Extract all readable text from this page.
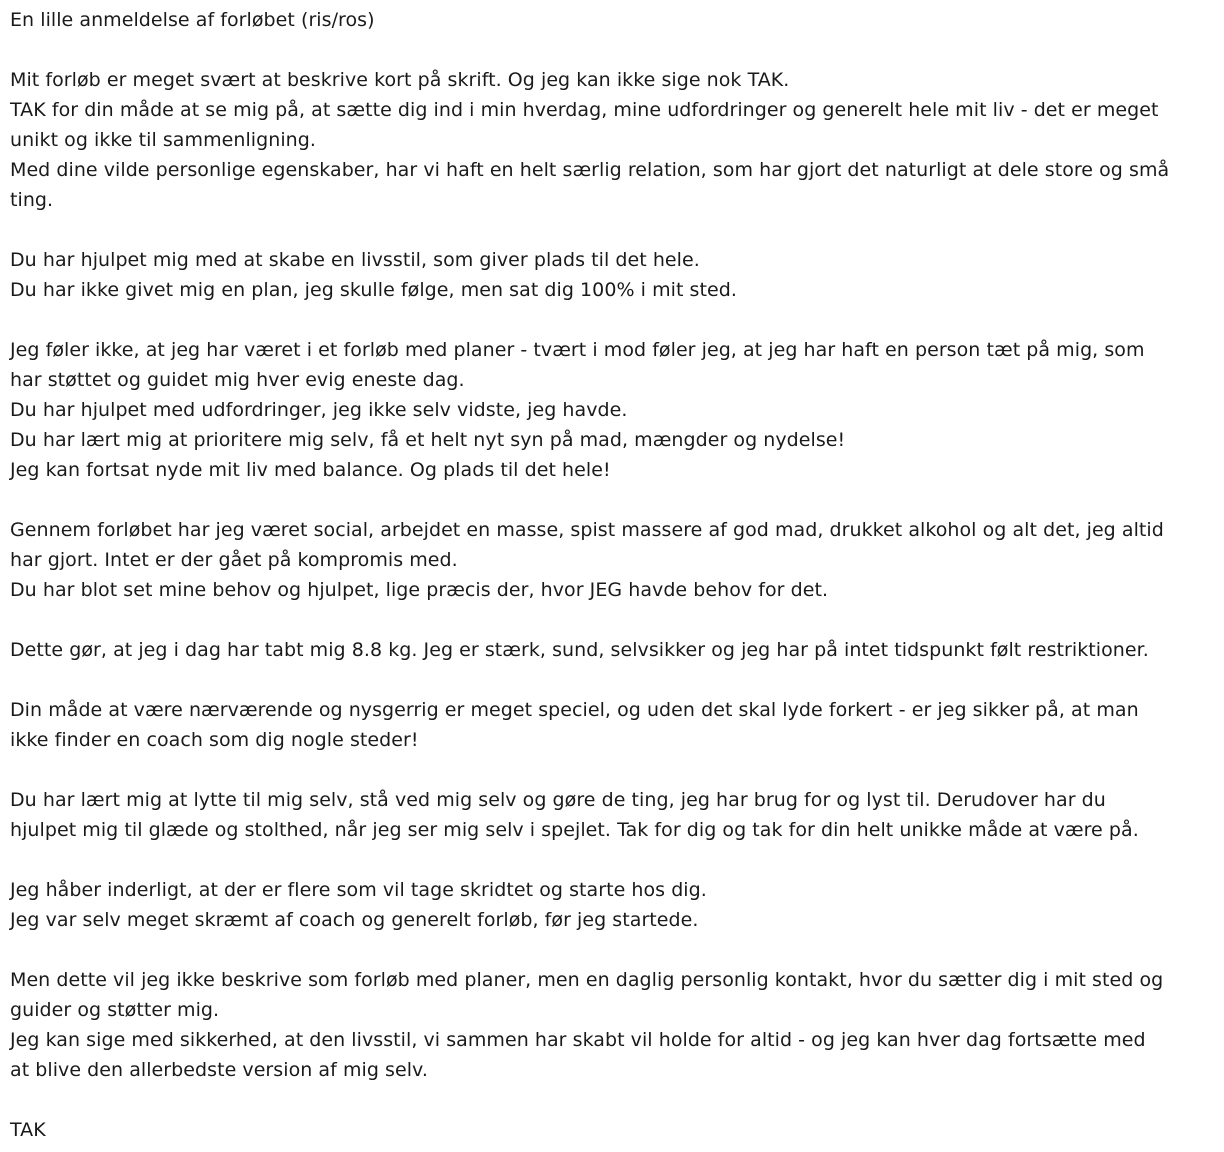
En lille anmeldelse af forløbet (ris/ros)
Mit forløb er meget svært at beskrive kort på skrift. Og jeg kan ikke sige nok TAK.
TAK for din måde at se mig på, at sætte dig ind i min hverdag, mine udfordringer og generelt hele mit liv - det er meget
unikt og ikke til sammenligning.
Med dine vilde personlige egenskaber, har vi haft en helt særlig relation, som har gjort det naturligt at dele store og små
ting.
Du har hjulpet mig med at skabe en livsstil, som giver plads til det hele.
Du har ikke givet mig en plan, jeg skulle følge, men sat dig 100% i mit sted.
Jeg føler ikke, at jeg har været i et forløb med planer - tvært i mod føler jeg, at jeg har haft en person tæt på mig, som
har støttet og guidet mig hver evig eneste dag.
Du har hjulpet med udfordringer, jeg ikke selv vidste, jeg havde.
Du har lært mig at prioritere mig selv, få et helt nyt syn på mad, mængder og nydelse!
Jeg kan fortsat nyde mit liv med balance. Og plads til det hele!
Gennem forløbet har jeg været social, arbejdet en masse, spist massere af god mad, drukket alkohol og alt det, jeg altid
har gjort. Intet er der gået på kompromis med.
Du har blot set mine behov og hjulpet, lige præcis der, hvor JEG havde behov for det.
Dette gør, at jeg i dag har tabt mig 8.8 kg. Jeg er stærk, sund, selvsikker og jeg har på intet tidspunkt følt restriktioner.
Din måde at være nærværende og nysgerrig er meget speciel, og uden det skal lyde forkert - er jeg sikker på, at man
ikke finder en coach som dig nogle steder!
Du har lært mig at lytte til mig selv, stå ved mig selv og gøre de ting, jeg har brug for og lyst til. Derudover har du
hjulpet mig til glæde og stolthed, når jeg ser mig selv i spejlet. Tak for dig og tak for din helt unikke måde at være på.
Jeg håber inderligt, at der er flere som vil tage skridtet og starte hos dig.
Jeg var selv meget skræmt af coach og generelt forløb, før jeg startede.
Men dette vil jeg ikke beskrive som forløb med planer, men en daglig personlig kontakt, hvor du sætter dig i mit sted og
guider og støtter mig.
Jeg kan sige med sikkerhed, at den livsstil, vi sammen har skabt vil holde for altid - og jeg kan hver dag fortsætte med
at blive den allerbedste version af mig selv.
TAK
